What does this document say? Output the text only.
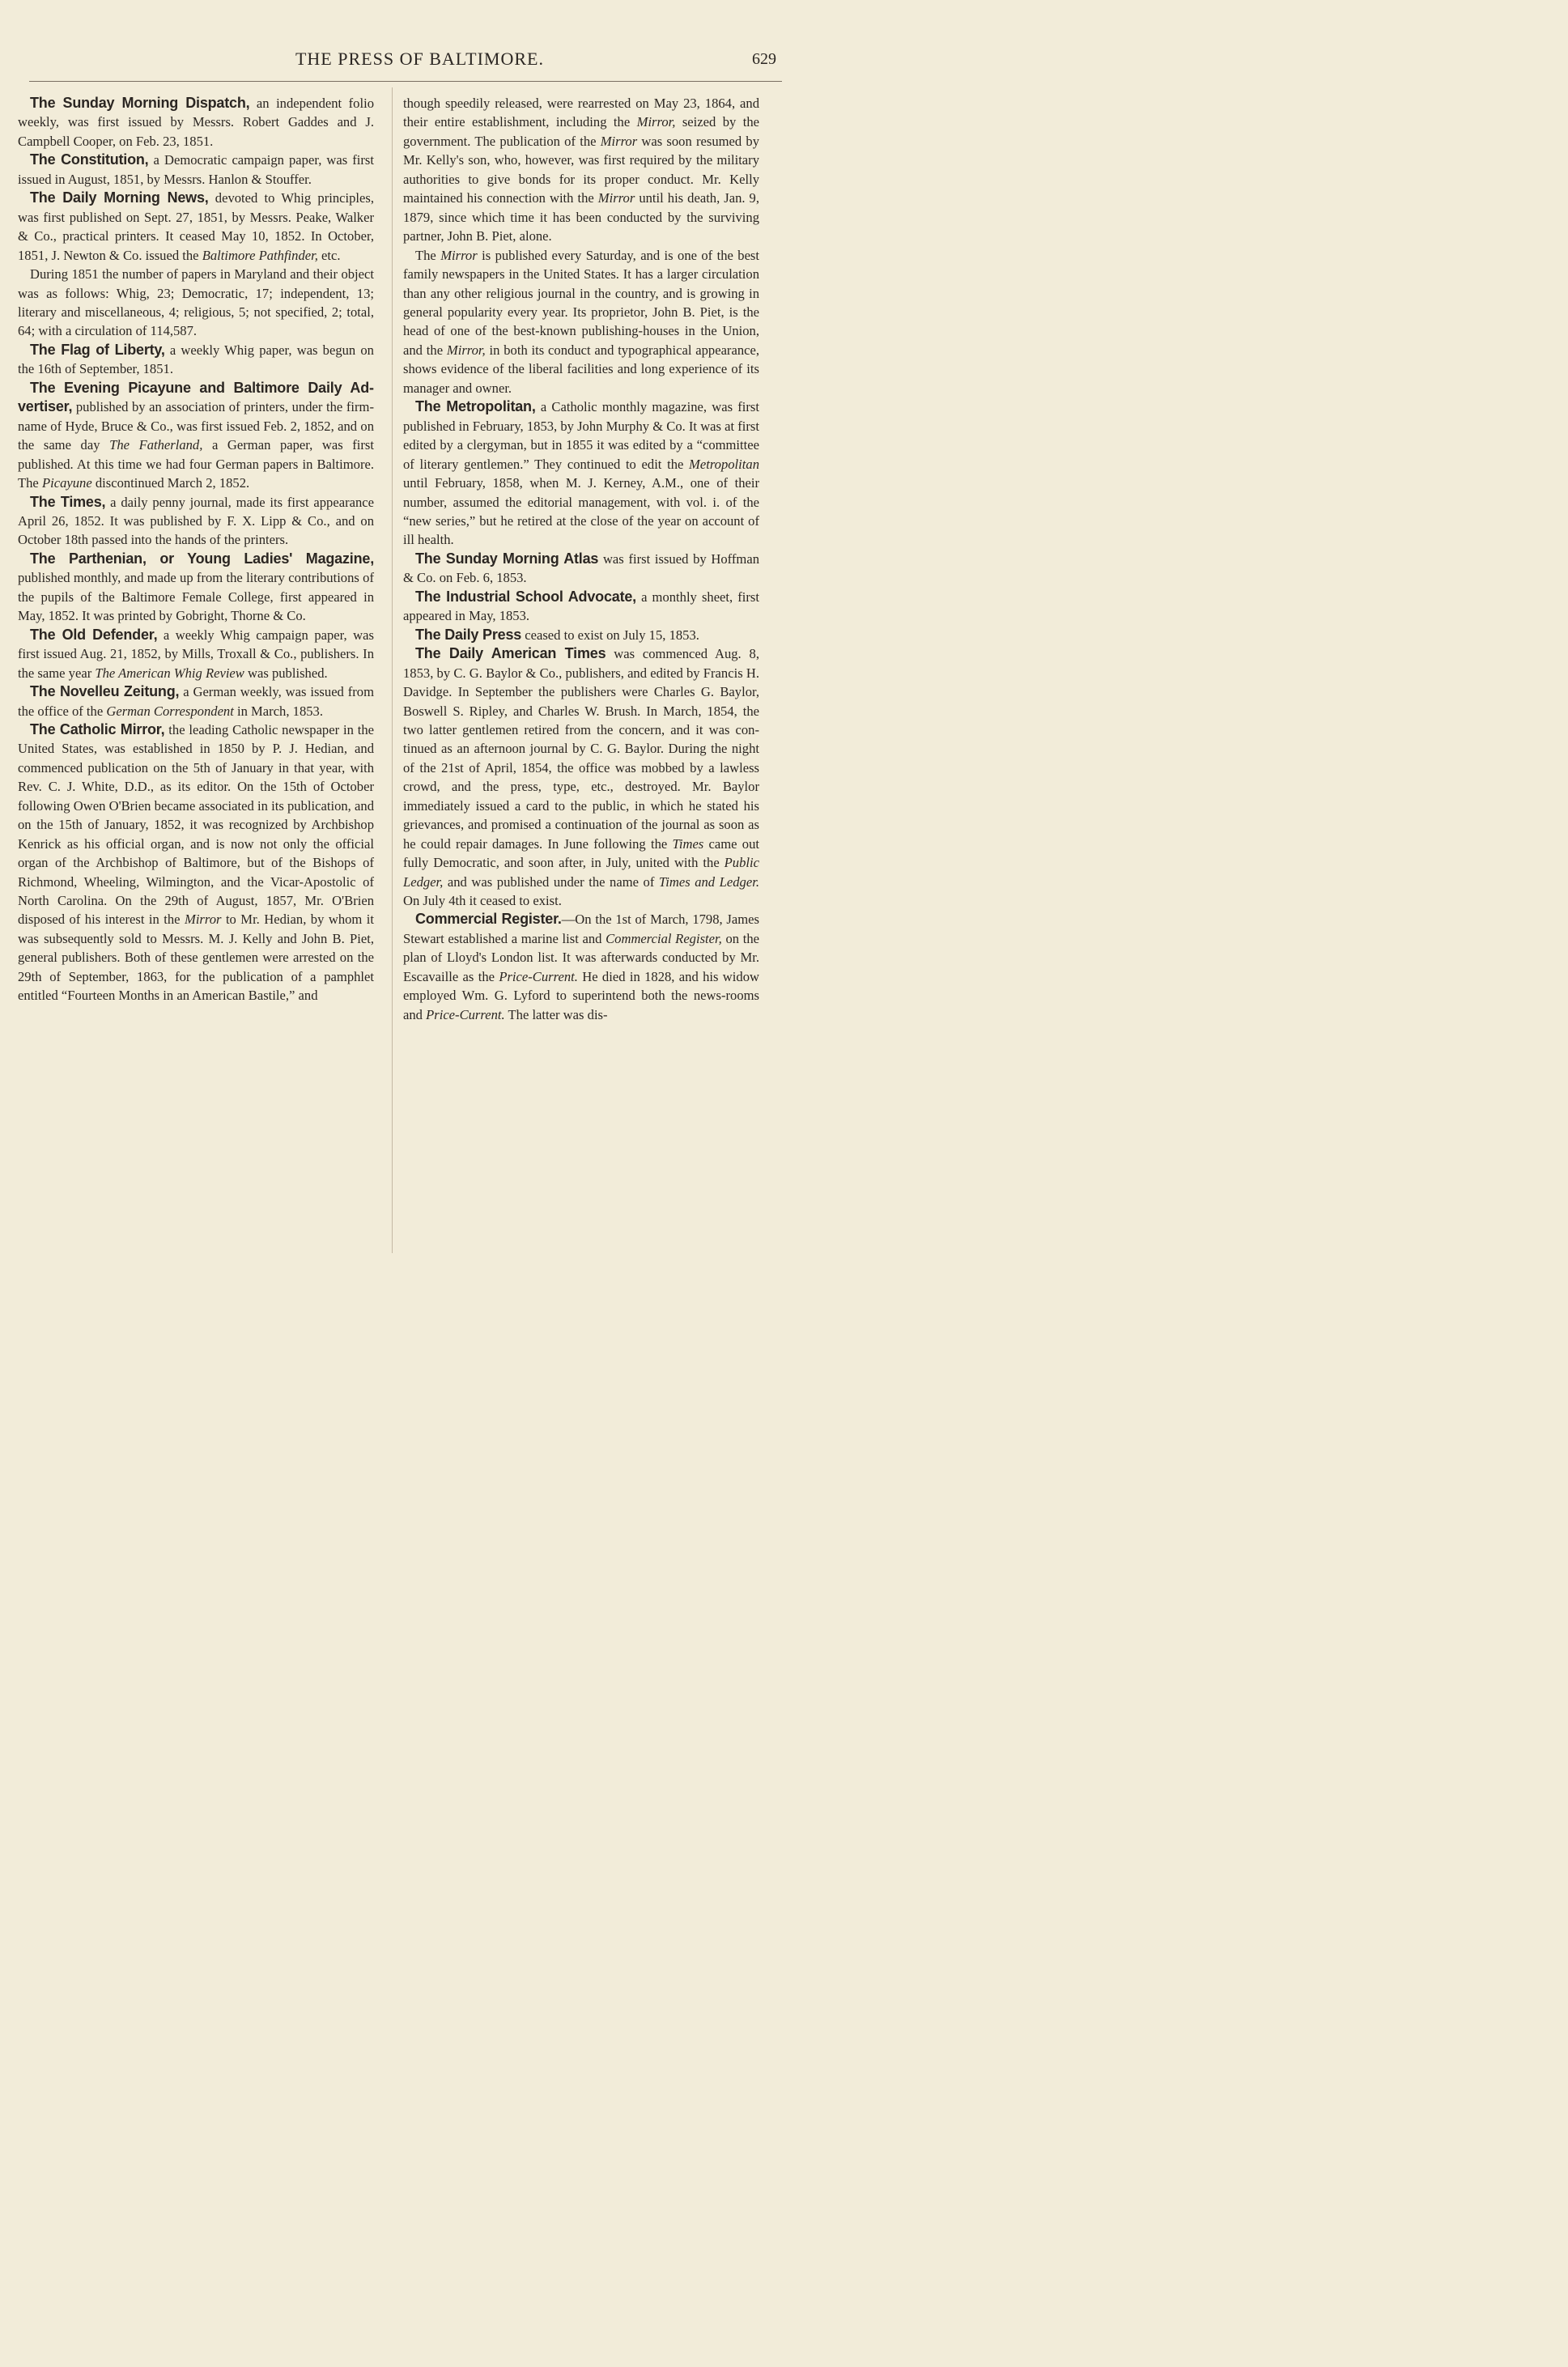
THE PRESS OF BALTIMORE.	629

The Sunday Morning Dispatch, an independent folio weekly, was first issued by Messrs. Robert Gaddes and J. Campbell Cooper, on Feb. 23, 1851.

The Constitution, a Democratic campaign paper, was first issued in August, 1851, by Messrs. Hanlon & Stouffer.

The Daily Morning News, devoted to Whig principles, was first published on Sept. 27, 1851, by Messrs. Peake, Walker & Co., practical printers. It ceased May 10, 1852. In October, 1851, J. Newton & Co. issued the Baltimore Pathfinder, etc.

During 1851 the number of papers in Maryland and their object was as follows: Whig, 23; Democratic, 17; independent, 13; literary and miscellaneous, 4; religious, 5; not specified, 2; total, 64; with a circulation of 114,587.

The Flag of Liberty, a weekly Whig paper, was begun on the 16th of September, 1851.

The Evening Picayune and Baltimore Daily Advertiser, published by an association of printers, under the firm-name of Hyde, Bruce & Co., was first issued Feb. 2, 1852, and on the same day The Fatherland, a German paper, was first published. At this time we had four German papers in Baltimore. The Picayune discontinued March 2, 1852.

The Times, a daily penny journal, made its first appearance April 26, 1852. It was published by F. X. Lipp & Co., and on October 18th passed into the hands of the printers.

The Parthenian, or Young Ladies' Magazine, published monthly, and made up from the literary contributions of the pupils of the Baltimore Female College, first appeared in May, 1852. It was printed by Gobright, Thorne & Co.

The Old Defender, a weekly Whig campaign paper, was first issued Aug. 21, 1852, by Mills, Troxall & Co., publishers. In the same year The American Whig Review was published.

The Novelleu Zeitung, a German weekly, was issued from the office of the German Correspondent in March, 1853.

The Catholic Mirror, the leading Catholic newspaper in the United States, was established in 1850 by P. J. Hedian, and commenced publication on the 5th of January in that year, with Rev. C. J. White, D.D., as its editor. On the 15th of October following Owen O'Brien became associated in its publication, and on the 15th of January, 1852, it was recognized by Archbishop Kenrick as his official organ, and is now not only the official organ of the Archbishop of Baltimore, but of the Bishops of Richmond, Wheeling, Wilmington, and the Vicar-Apostolic of North Carolina. On the 29th of August, 1857, Mr. O'Brien disposed of his interest in the Mirror to Mr. Hedian, by whom it was subsequently sold to Messrs. M. J. Kelly and John B. Piet, general publishers. Both of these gentlemen were arrested on the 29th of September, 1863, for the publication of a pamphlet entitled “Fourteen Months in an American Bastile,” and

though speedily released, were rearrested on May 23, 1864, and their entire establishment, including the Mirror, seized by the government. The publication of the Mirror was soon resumed by Mr. Kelly's son, who, however, was first required by the military authorities to give bonds for its proper conduct. Mr. Kelly maintained his connection with the Mirror until his death, Jan. 9, 1879, since which time it has been conducted by the surviving partner, John B. Piet, alone.

The Mirror is published every Saturday, and is one of the best family newspapers in the United States. It has a larger circulation than any other religious journal in the country, and is growing in general popularity every year. Its proprietor, John B. Piet, is the head of one of the best-known publishing-houses in the Union, and the Mirror, in both its conduct and typographical appearance, shows evidence of the liberal facilities and long experience of its manager and owner.

The Metropolitan, a Catholic monthly magazine, was first published in February, 1853, by John Murphy & Co. It was at first edited by a clergyman, but in 1855 it was edited by a “committee of literary gentlemen.” They continued to edit the Metropolitan until February, 1858, when M. J. Kerney, A.M., one of their number, assumed the editorial management, with vol. i. of the “new series,” but he retired at the close of the year on account of ill health.

The Sunday Morning Atlas was first issued by Hoffman & Co. on Feb. 6, 1853.

The Industrial School Advocate, a monthly sheet, first appeared in May, 1853.

The Daily Press ceased to exist on July 15, 1853.

The Daily American Times was commenced Aug. 8, 1853, by C. G. Baylor & Co., publishers, and edited by Francis H. Davidge. In September the publishers were Charles G. Baylor, Boswell S. Ripley, and Charles W. Brush. In March, 1854, the two latter gentlemen retired from the concern, and it was continued as an afternoon journal by C. G. Baylor. During the night of the 21st of April, 1854, the office was mobbed by a lawless crowd, and the press, type, etc., destroyed. Mr. Baylor immediately issued a card to the public, in which he stated his grievances, and promised a continuation of the journal as soon as he could repair damages. In June following the Times came out fully Democratic, and soon after, in July, united with the Public Ledger, and was published under the name of Times and Ledger. On July 4th it ceased to exist.

Commercial Register.—On the 1st of March, 1798, James Stewart established a marine list and Commercial Register, on the plan of Lloyd's London list. It was afterwards conducted by Mr. Escavaille as the Price-Current. He died in 1828, and his widow employed Wm. G. Lyford to superintend both the news-rooms and Price-Current. The latter was dis-
